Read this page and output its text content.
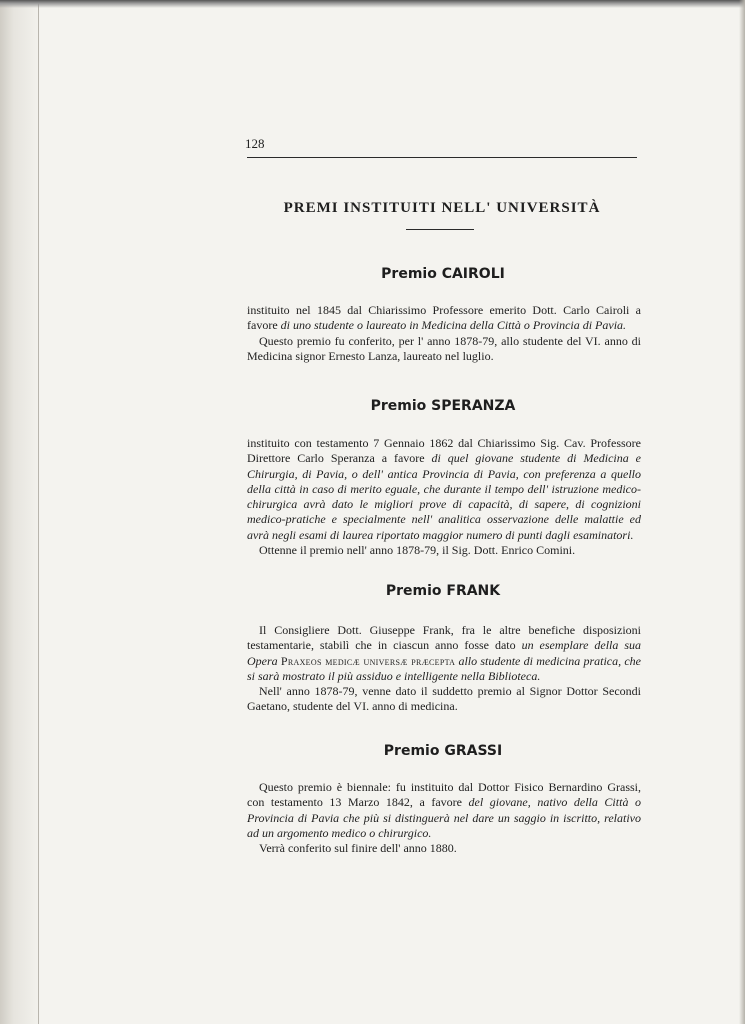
128
PREMI INSTITUITI NELL' UNIVERSITÀ
Premio CAIROLI

instituito nel 1845 dal Chiarissimo Professore emerito Dott. Carlo Cairoli a favore di uno studente o laureato in Medicina della Città o Provincia di Pavia.

Questo premio fu conferito, per l' anno 1878-79, allo studente del VI. anno di Medicina signor Ernesto Lanza, laureato nel luglio.

Premio SPERANZA

instituito con testamento 7 Gennaio 1862 dal Chiarissimo Sig. Cav. Professore Direttore Carlo Speranza a favore di quel giovane studente di Medicina e Chirurgia, di Pavia, o dell' antica Provincia di Pavia, con preferenza a quello della città in caso di merito eguale, che durante il tempo dell' istruzione medico-chirurgica avrà dato le migliori prove di capacità, di sapere, di cognizioni medico-pratiche e specialmente nell' analitica osservazione delle malattie ed avrà negli esami di laurea riportato maggior numero di punti dagli esaminatori.

Ottenne il premio nell' anno 1878-79, il Sig. Dott. Enrico Comini.

Premio FRANK

Il Consigliere Dott. Giuseppe Frank, fra le altre benefiche disposizioni testamentarie, stabilì che in ciascun anno fosse dato un esemplare della sua Opera Praxeos medicæ universæ præcepta allo studente di medicina pratica, che si sarà mostrato il più assiduo e intelligente nella Biblioteca.

Nell' anno 1878-79, venne dato il suddetto premio al Signor Dottor Secondi Gaetano, studente del VI. anno di medicina.

Premio GRASSI

Questo premio è biennale: fu instituito dal Dottor Fisico Bernardino Grassi, con testamento 13 Marzo 1842, a favore del giovane, nativo della Città o Provincia di Pavia che più si distinguerà nel dare un saggio in iscritto, relativo ad un argomento medico o chirurgico.

Verrà conferito sul finire dell' anno 1880.
